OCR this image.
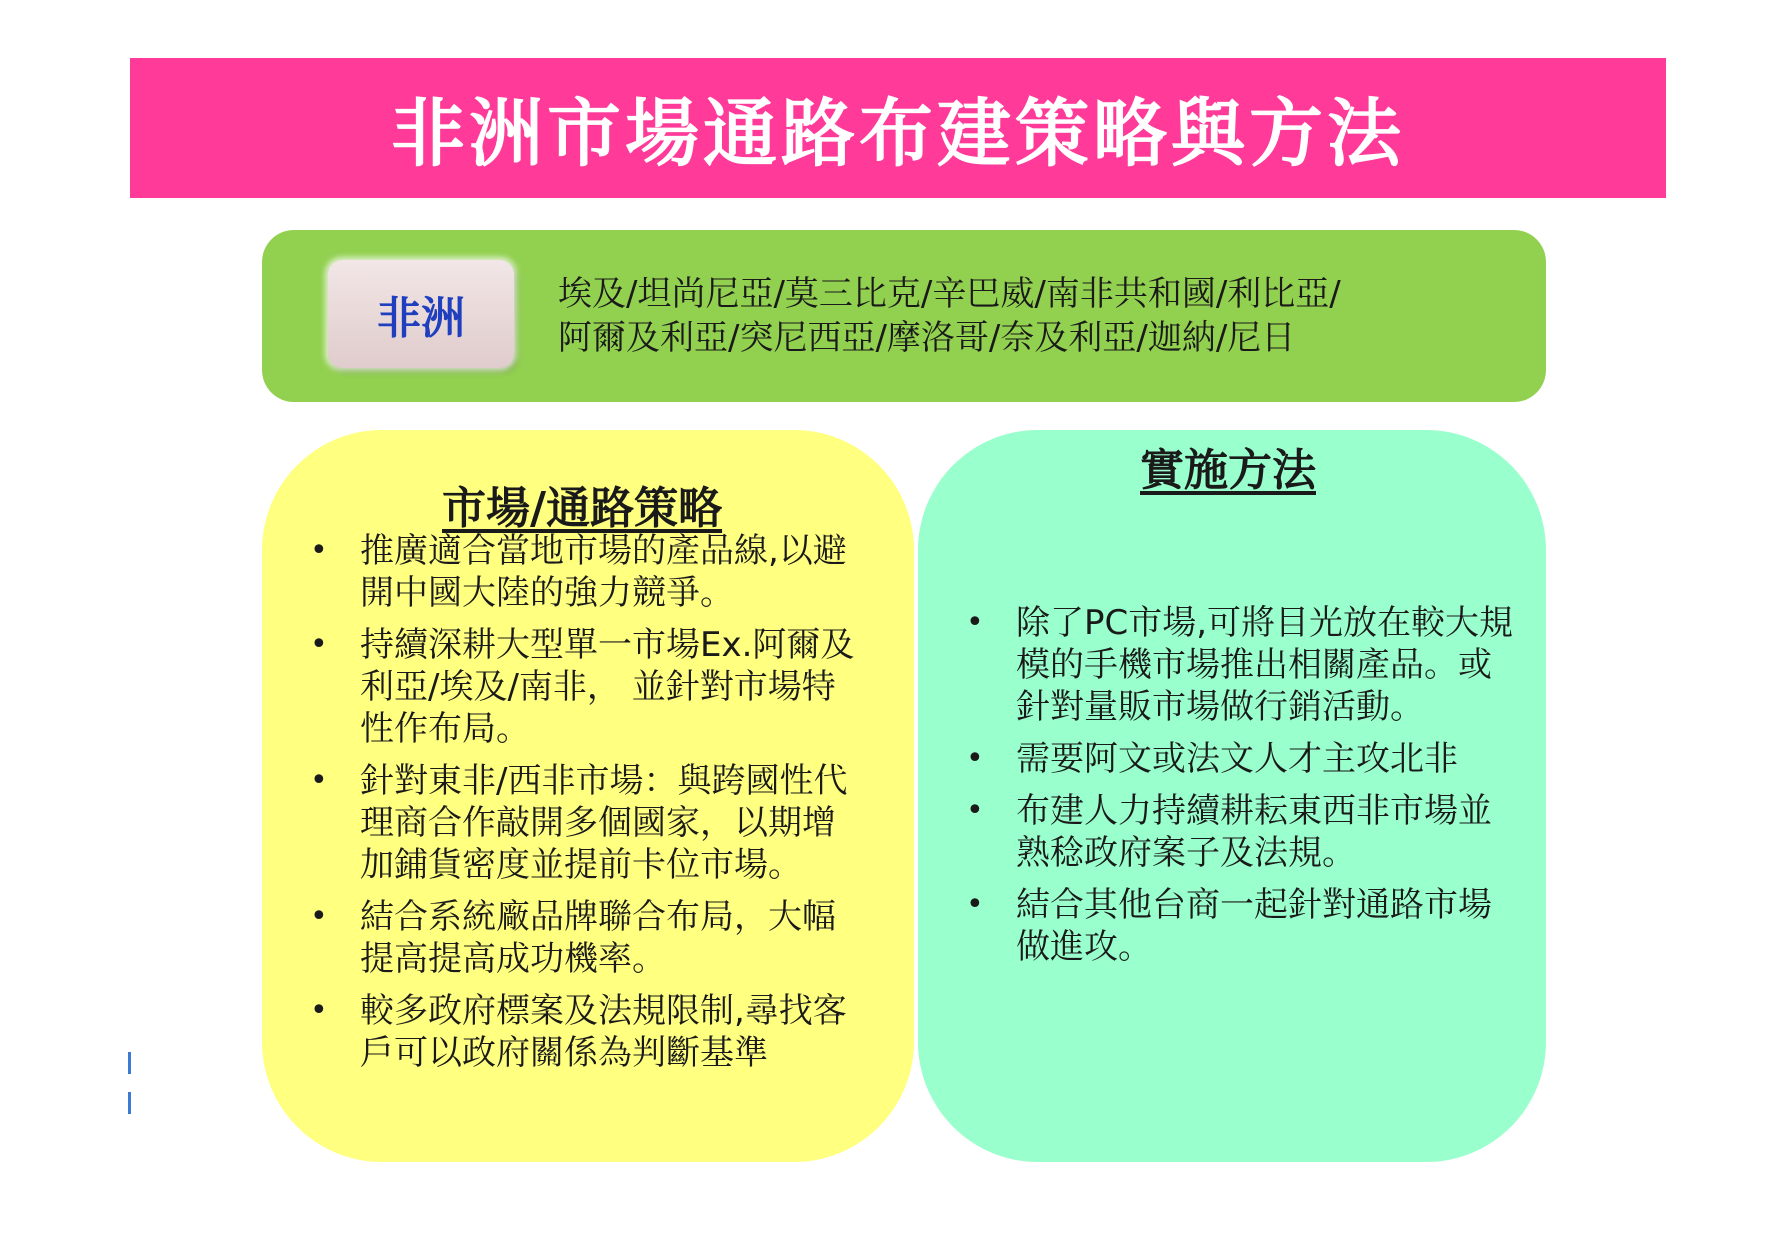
非洲市場通路布建策略與方法
非洲	埃及/坦尚尼亞/莫三比克/辛巴威/南非共和國/利比亞/
阿爾及利亞/突尼西亞/摩洛哥/奈及利亞/迦納/尼日
市場/通路策略
• 推廣適合當地市場的產品線,以避開中國大陸的強力競爭。
• 持續深耕大型單一市場Ex.阿爾及利亞/埃及/南非， 並針對市場特性作布局。
• 針對東非/西非市場：與跨國性代理商合作敲開多個國家，以期增加鋪貨密度並提前卡位市場。
• 結合系統廠品牌聯合布局，大幅提高提高成功機率。
• 較多政府標案及法規限制,尋找客戶可以政府關係為判斷基準
實施方法
• 除了PC市場,可將目光放在較大規模的手機市場推出相關產品。或針對量販市場做行銷活動。
• 需要阿文或法文人才主攻北非
• 布建人力持續耕耘東西非市場並熟稔政府案子及法規。
• 結合其他台商一起針對通路市場做進攻。
